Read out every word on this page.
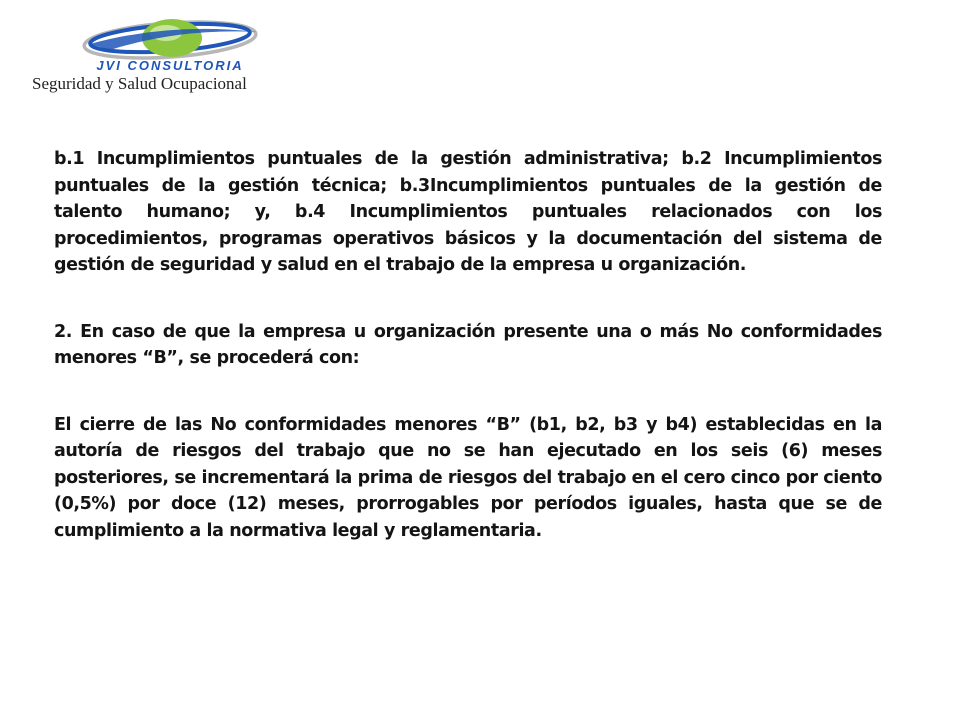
JVI CONSULTORIA
Seguridad y Salud Ocupacional

b.1 Incumplimientos puntuales de la gestión administrativa; b.2 Incumplimientos puntuales de la gestión técnica; b.3Incumplimientos puntuales de la gestión de talento humano; y, b.4 Incumplimientos puntuales relacionados con los procedimientos, programas operativos básicos y la documentación del sistema de gestión de seguridad y salud en el trabajo de la empresa u organización.

2. En caso de que la empresa u organización presente una o más No conformidades menores “B”, se procederá con:

El cierre de las No conformidades menores “B” (b1, b2, b3 y b4) establecidas en la autoría de riesgos del trabajo que no se han ejecutado en los seis (6) meses posteriores, se incrementará la prima de riesgos del trabajo en el cero cinco por ciento (0,5%) por doce (12) meses, prorrogables por períodos iguales, hasta que se de cumplimiento a la normativa legal y reglamentaria.
